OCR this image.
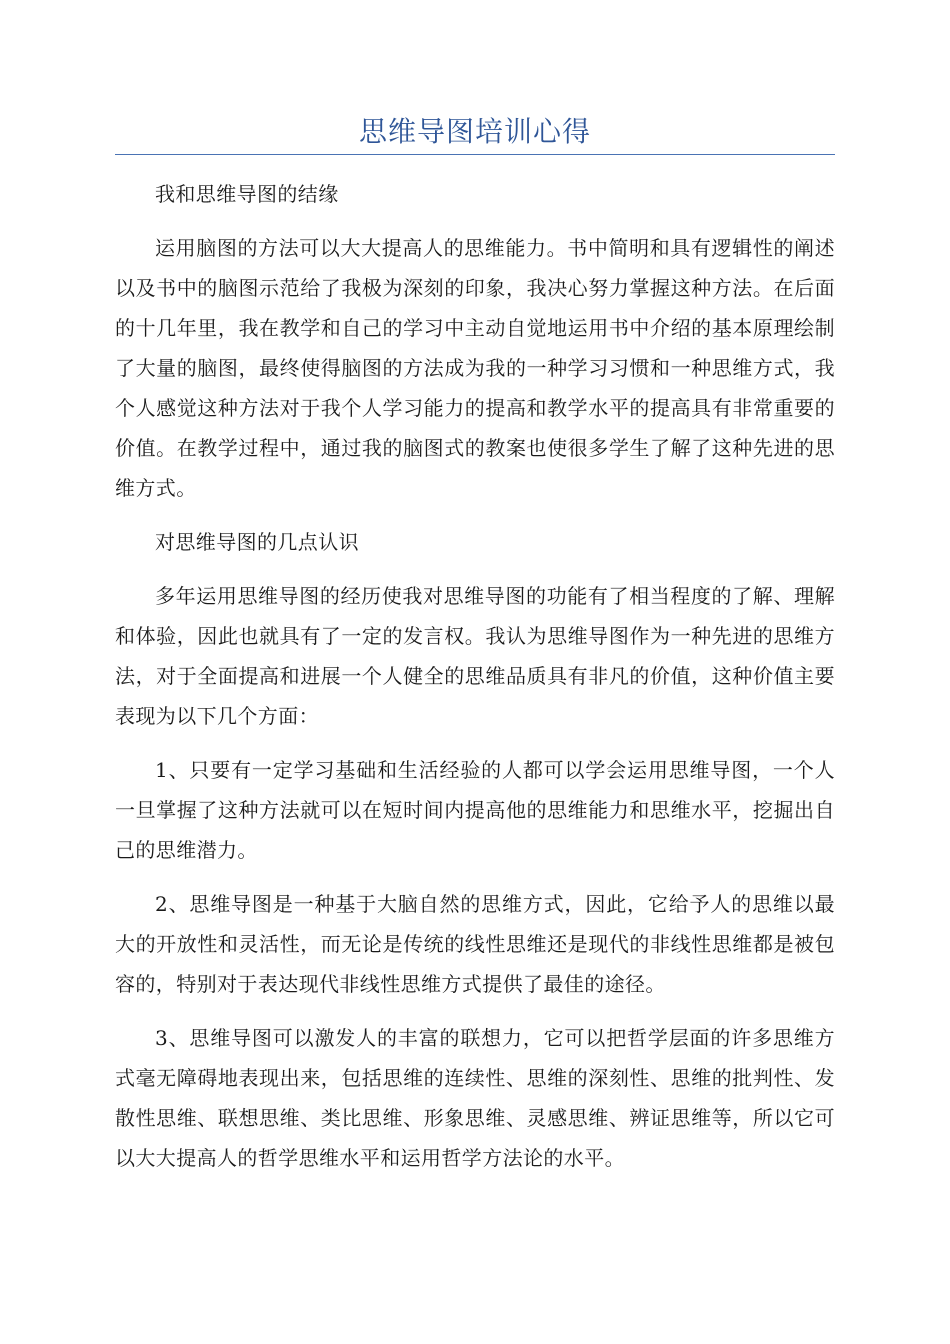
思维导图培训心得

我和思维导图的结缘

运用脑图的方法可以大大提高人的思维能力。书中简明和具有逻辑性的阐述以及书中的脑图示范给了我极为深刻的印象，我决心努力掌握这种方法。在后面的十几年里，我在教学和自己的学习中主动自觉地运用书中介绍的基本原理绘制了大量的脑图，最终使得脑图的方法成为我的一种学习习惯和一种思维方式，我个人感觉这种方法对于我个人学习能力的提高和教学水平的提高具有非常重要的价值。在教学过程中，通过我的脑图式的教案也使很多学生了解了这种先进的思维方式。

对思维导图的几点认识

多年运用思维导图的经历使我对思维导图的功能有了相当程度的了解、理解和体验，因此也就具有了一定的发言权。我认为思维导图作为一种先进的思维方法，对于全面提高和进展一个人健全的思维品质具有非凡的价值，这种价值主要表现为以下几个方面：

1、只要有一定学习基础和生活经验的人都可以学会运用思维导图，一个人一旦掌握了这种方法就可以在短时间内提高他的思维能力和思维水平，挖掘出自己的思维潜力。

2、思维导图是一种基于大脑自然的思维方式，因此，它给予人的思维以最大的开放性和灵活性，而无论是传统的线性思维还是现代的非线性思维都是被包容的，特别对于表达现代非线性思维方式提供了最佳的途径。

3、思维导图可以激发人的丰富的联想力，它可以把哲学层面的许多思维方式毫无障碍地表现出来，包括思维的连续性、思维的深刻性、思维的批判性、发散性思维、联想思维、类比思维、形象思维、灵感思维、辨证思维等，所以它可以大大提高人的哲学思维水平和运用哲学方法论的水平。
